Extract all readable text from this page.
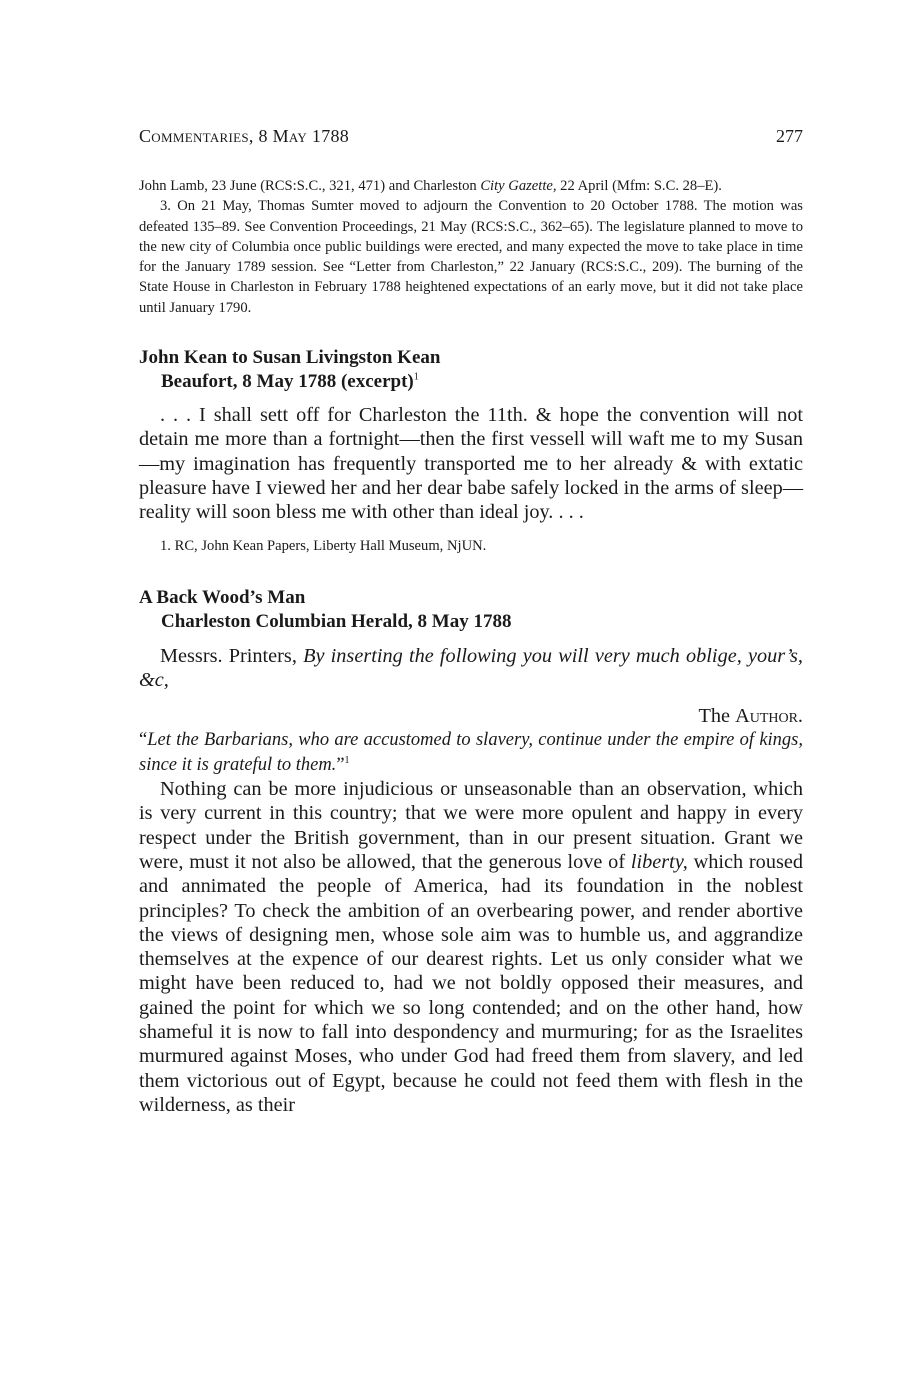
Commentaries, 8 May 1788	277

John Lamb, 23 June (RCS:S.C., 321, 471) and Charleston City Gazette, 22 April (Mfm: S.C. 28–E).

3. On 21 May, Thomas Sumter moved to adjourn the Convention to 20 October 1788. The motion was defeated 135–89. See Convention Proceedings, 21 May (RCS:S.C., 362–65). The legislature planned to move to the new city of Columbia once public buildings were erected, and many expected the move to take place in time for the January 1789 session. See “Letter from Charleston,” 22 January (RCS:S.C., 209). The burning of the State House in Charleston in February 1788 heightened expectations of an early move, but it did not take place until January 1790.

John Kean to Susan Livingston Kean
Beaufort, 8 May 1788 (excerpt)$^1$

. . . I shall sett off for Charleston the 11th. & hope the convention will not detain me more than a fortnight—then the first vessell will waft me to my Susan—my imagination has frequently transported me to her already & with extatic pleasure have I viewed her and her dear babe safely locked in the arms of sleep—reality will soon bless me with other than ideal joy. . . .

1. RC, John Kean Papers, Liberty Hall Museum, NjUN.

A Back Wood’s Man
Charleston Columbian Herald, 8 May 1788

Messrs. Printers, By inserting the following you will very much oblige, your’s, &c,

The Author.

“Let the Barbarians, who are accustomed to slavery, continue under the empire of kings, since it is grateful to them.”$^1$

Nothing can be more injudicious or unseasonable than an observation, which is very current in this country; that we were more opulent and happy in every respect under the British government, than in our present situation. Grant we were, must it not also be allowed, that the generous love of liberty, which roused and annimated the people of America, had its foundation in the noblest principles? To check the ambition of an overbearing power, and render abortive the views of designing men, whose sole aim was to humble us, and aggrandize themselves at the expence of our dearest rights. Let us only consider what we might have been reduced to, had we not boldly opposed their measures, and gained the point for which we so long contended; and on the other hand, how shameful it is now to fall into despondency and murmuring; for as the Israelites murmured against Moses, who under God had freed them from slavery, and led them victorious out of Egypt, because he could not feed them with flesh in the wilderness, as their
